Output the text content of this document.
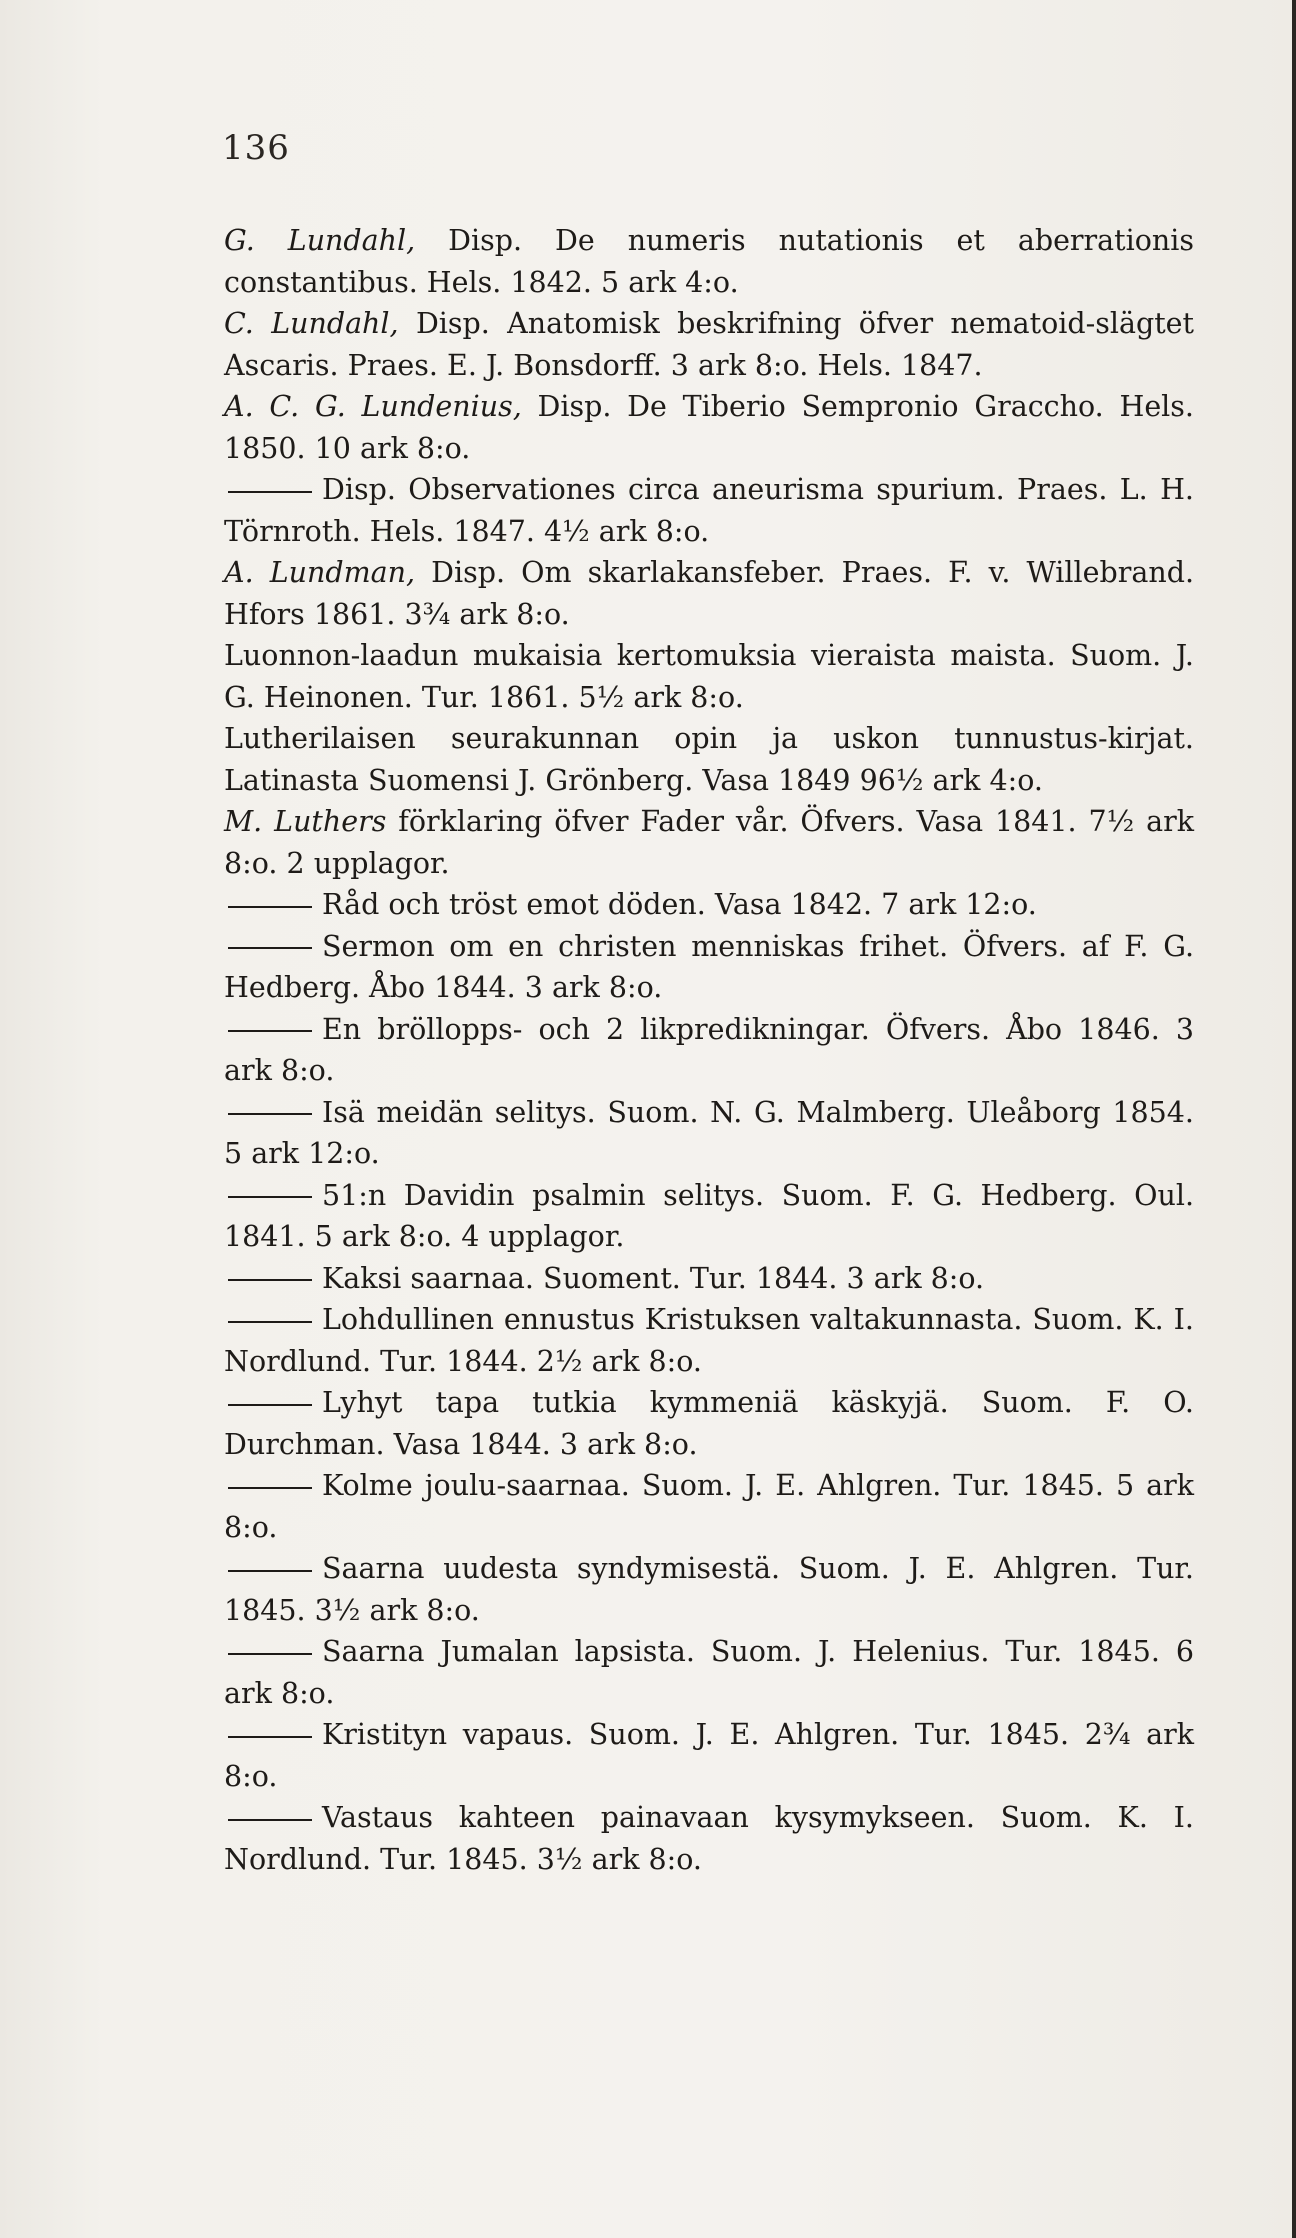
136
G. Lundahl, Disp. De numeris nutationis et aberrationis constantibus. Hels. 1842. 5 ark 4:o.
C. Lundahl, Disp. Anatomisk beskrifning öfver nematoid-slägtet Ascaris. Praes. E. J. Bonsdorff. 3 ark 8:o. Hels. 1847.
A. C. G. Lundenius, Disp. De Tiberio Sempronio Graccho. Hels. 1850. 10 ark 8:o.
Disp. Observationes circa aneurisma spurium. Praes. L. H. Törnroth. Hels. 1847. 4½ ark 8:o.
A. Lundman, Disp. Om skarlakansfeber. Praes. F. v. Willebrand. Hfors 1861. 3¾ ark 8:o.
Luonnon-laadun mukaisia kertomuksia vieraista maista. Suom. J. G. Heinonen. Tur. 1861. 5½ ark 8:o.
Lutherilaisen seurakunnan opin ja uskon tunnustus-kirjat. Latinasta Suomensi J. Grönberg. Vasa 1849 96½ ark 4:o.
M. Luthers förklaring öfver Fader vår. Öfvers. Vasa 1841. 7½ ark 8:o. 2 upplagor.
Råd och tröst emot döden. Vasa 1842. 7 ark 12:o.
Sermon om en christen menniskas frihet. Öfvers. af F. G. Hedberg. Åbo 1844. 3 ark 8:o.
En bröllopps- och 2 likpredikningar. Öfvers. Åbo 1846. 3 ark 8:o.
Isä meidän selitys. Suom. N. G. Malmberg. Uleåborg 1854. 5 ark 12:o.
51:n Davidin psalmin selitys. Suom. F. G. Hedberg. Oul. 1841. 5 ark 8:o. 4 upplagor.
Kaksi saarnaa. Suoment. Tur. 1844. 3 ark 8:o.
Lohdullinen ennustus Kristuksen valtakunnasta. Suom. K. I. Nordlund. Tur. 1844. 2½ ark 8:o.
Lyhyt tapa tutkia kymmeniä käskyjä. Suom. F. O. Durchman. Vasa 1844. 3 ark 8:o.
Kolme joulu-saarnaa. Suom. J. E. Ahlgren. Tur. 1845. 5 ark 8:o.
Saarna uudesta syndymisestä. Suom. J. E. Ahlgren. Tur. 1845. 3½ ark 8:o.
Saarna Jumalan lapsista. Suom. J. Helenius. Tur. 1845. 6 ark 8:o.
Kristityn vapaus. Suom. J. E. Ahlgren. Tur. 1845. 2¾ ark 8:o.
Vastaus kahteen painavaan kysymykseen. Suom. K. I. Nordlund. Tur. 1845. 3½ ark 8:o.
